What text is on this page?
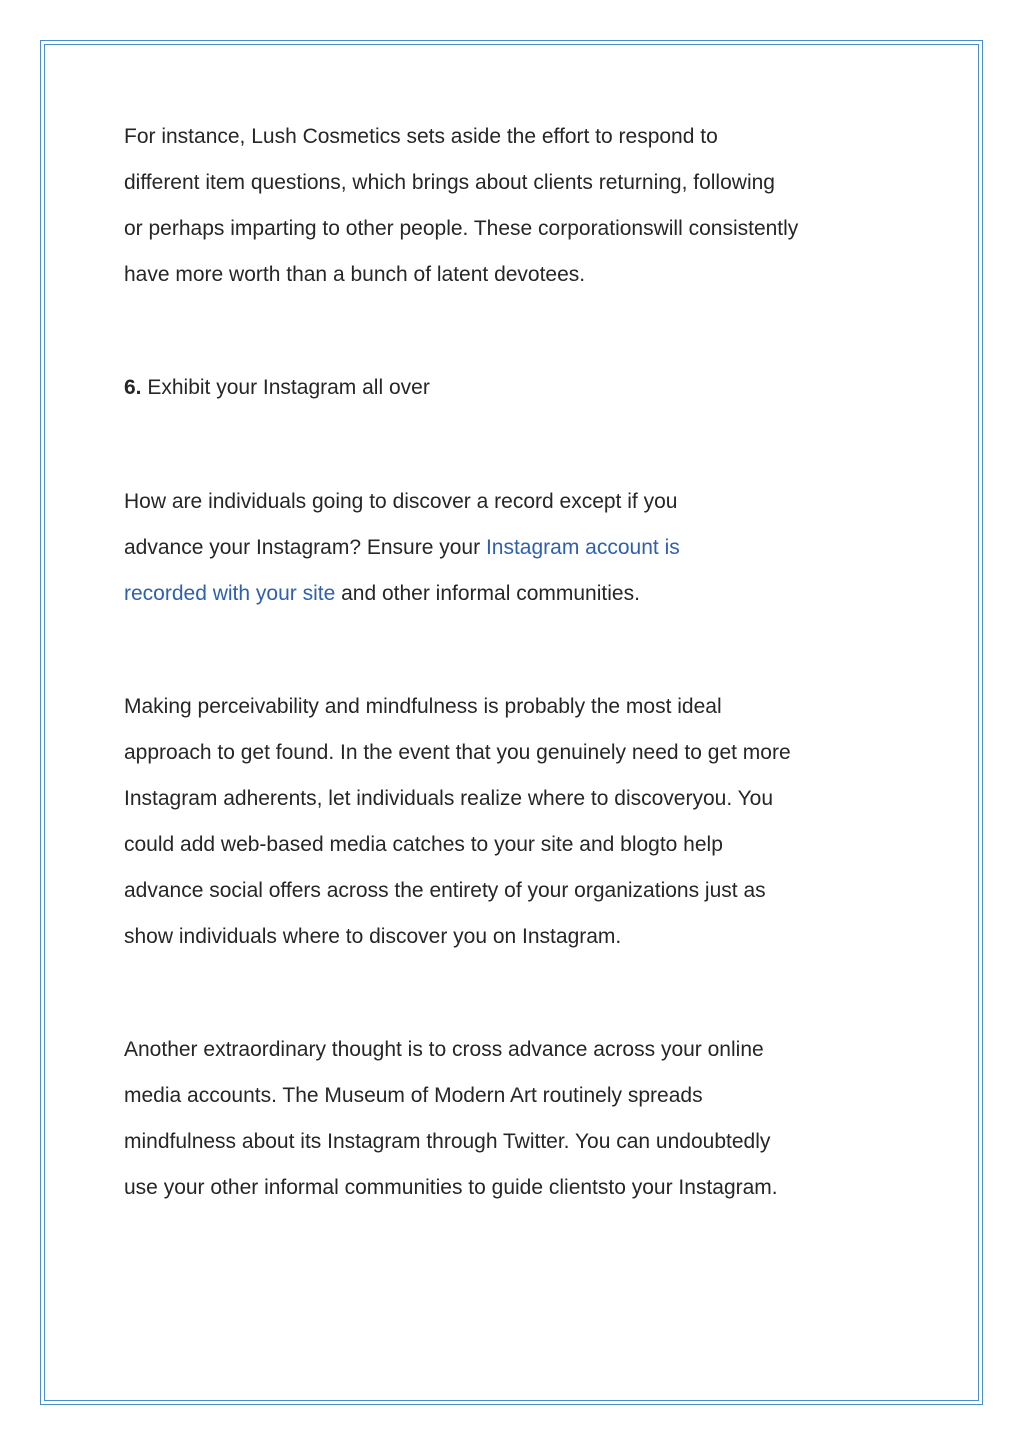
For instance, Lush Cosmetics sets aside the effort to respond to
different item questions, which brings about clients returning, following
or perhaps imparting to other people. These corporationswill consistently
have more worth than a bunch of latent devotees.

6. Exhibit your Instagram all over

How are individuals going to discover a record except if you
advance your Instagram? Ensure your Instagram account is
recorded with your site and other informal communities.

Making perceivability and mindfulness is probably the most ideal
approach to get found. In the event that you genuinely need to get more
Instagram adherents, let individuals realize where to discoveryou. You
could add web-based media catches to your site and blogto help
advance social offers across the entirety of your organizations just as
show individuals where to discover you on Instagram.

Another extraordinary thought is to cross advance across your online
media accounts. The Museum of Modern Art routinely spreads
mindfulness about its Instagram through Twitter. You can undoubtedly
use your other informal communities to guide clientsto your Instagram.
